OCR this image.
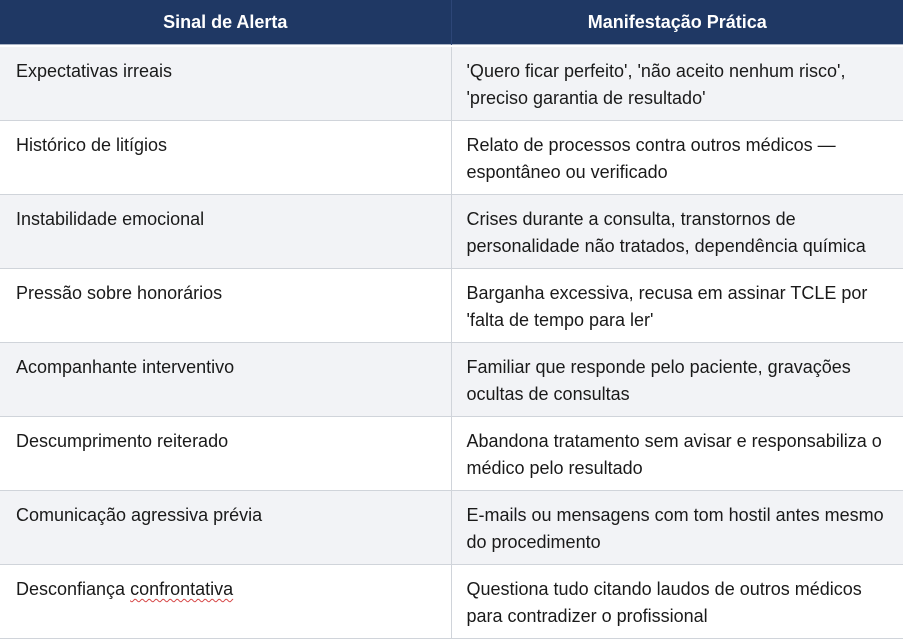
Sinal de Alerta	Manifestação Prática
Expectativas irreais	'Quero ficar perfeito', 'não aceito nenhum risco', 'preciso garantia de resultado'
Histórico de litígios	Relato de processos contra outros médicos — espontâneo ou verificado
Instabilidade emocional	Crises durante a consulta, transtornos de personalidade não tratados, dependência química
Pressão sobre honorários	Barganha excessiva, recusa em assinar TCLE por 'falta de tempo para ler'
Acompanhante interventivo	Familiar que responde pelo paciente, gravações ocultas de consultas
Descumprimento reiterado	Abandona tratamento sem avisar e responsabiliza o médico pelo resultado
Comunicação agressiva prévia	E-mails ou mensagens com tom hostil antes mesmo do procedimento
Desconfiança confrontativa	Questiona tudo citando laudos de outros médicos para contradizer o profissional
